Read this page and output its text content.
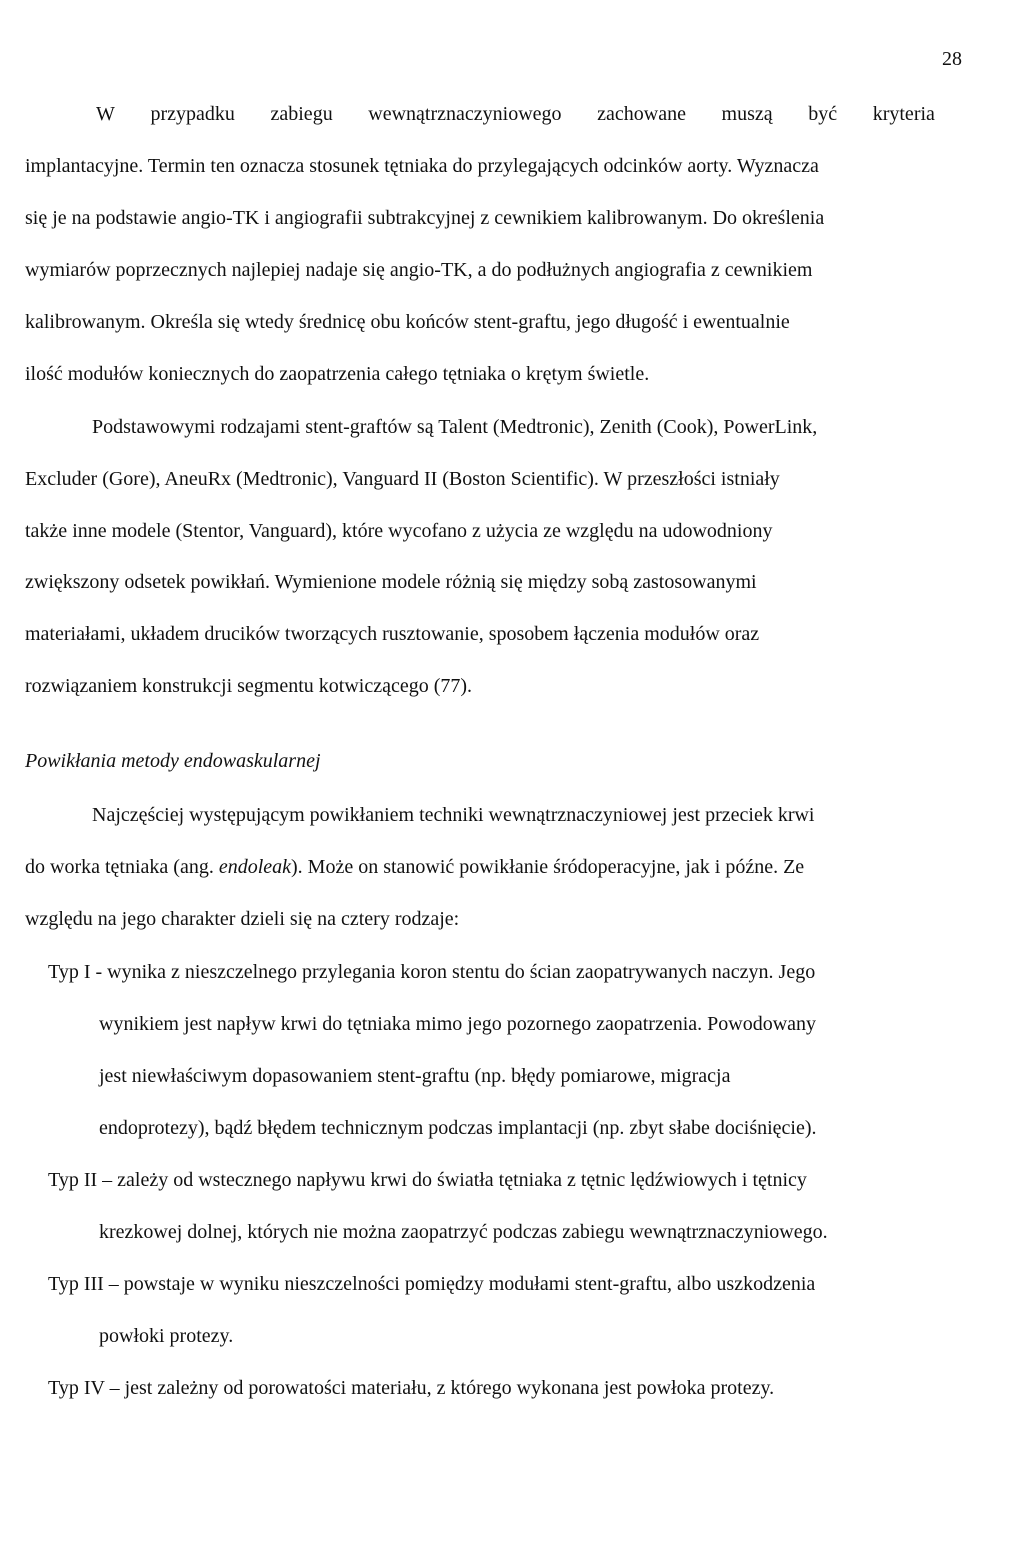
28
W przypadku zabiegu wewnątrznaczyniowego zachowane muszą być kryteria
implantacyjne. Termin ten oznacza stosunek tętniaka do przylegających odcinków aorty. Wyznacza
się je na podstawie angio-TK i angiografii subtrakcyjnej z cewnikiem kalibrowanym. Do określenia
wymiarów poprzecznych najlepiej nadaje się angio-TK, a do podłużnych angiografia z cewnikiem
kalibrowanym. Określa się wtedy średnicę obu końców stent-graftu, jego długość i ewentualnie
ilość modułów koniecznych do zaopatrzenia całego tętniaka o krętym świetle.
Podstawowymi rodzajami stent-graftów są Talent (Medtronic), Zenith (Cook), PowerLink,
Excluder (Gore), AneuRx (Medtronic), Vanguard II (Boston Scientific). W przeszłości istniały
także inne modele (Stentor, Vanguard), które wycofano z użycia ze względu na udowodniony
zwiększony odsetek powikłań. Wymienione modele różnią się między sobą zastosowanymi
materiałami, układem drucików tworzących rusztowanie, sposobem łączenia modułów oraz
rozwiązaniem konstrukcji segmentu kotwiczącego (77).
Powikłania metody endowaskularnej
Najczęściej występującym powikłaniem techniki wewnątrznaczyniowej jest przeciek krwi
do worka tętniaka (ang. endoleak). Może on stanowić powikłanie śródoperacyjne, jak i późne. Ze
względu na jego charakter dzieli się na cztery rodzaje:
Typ I - wynika z nieszczelnego przylegania koron stentu do ścian zaopatrywanych naczyn. Jego
wynikiem jest napływ krwi do tętniaka mimo jego pozornego zaopatrzenia. Powodowany
jest niewłaściwym dopasowaniem stent-graftu (np. błędy pomiarowe, migracja
endoprotezy), bądź błędem technicznym podczas implantacji (np. zbyt słabe dociśnięcie).
Typ II – zależy od wstecznego napływu krwi do światła tętniaka z tętnic lędźwiowych i tętnicy
krezkowej dolnej, których nie można zaopatrzyć podczas zabiegu wewnątrznaczyniowego.
Typ III – powstaje w wyniku nieszczelności pomiędzy modułami stent-graftu, albo uszkodzenia
powłoki protezy.
Typ IV – jest zależny od porowatości materiału, z którego wykonana jest powłoka protezy.
